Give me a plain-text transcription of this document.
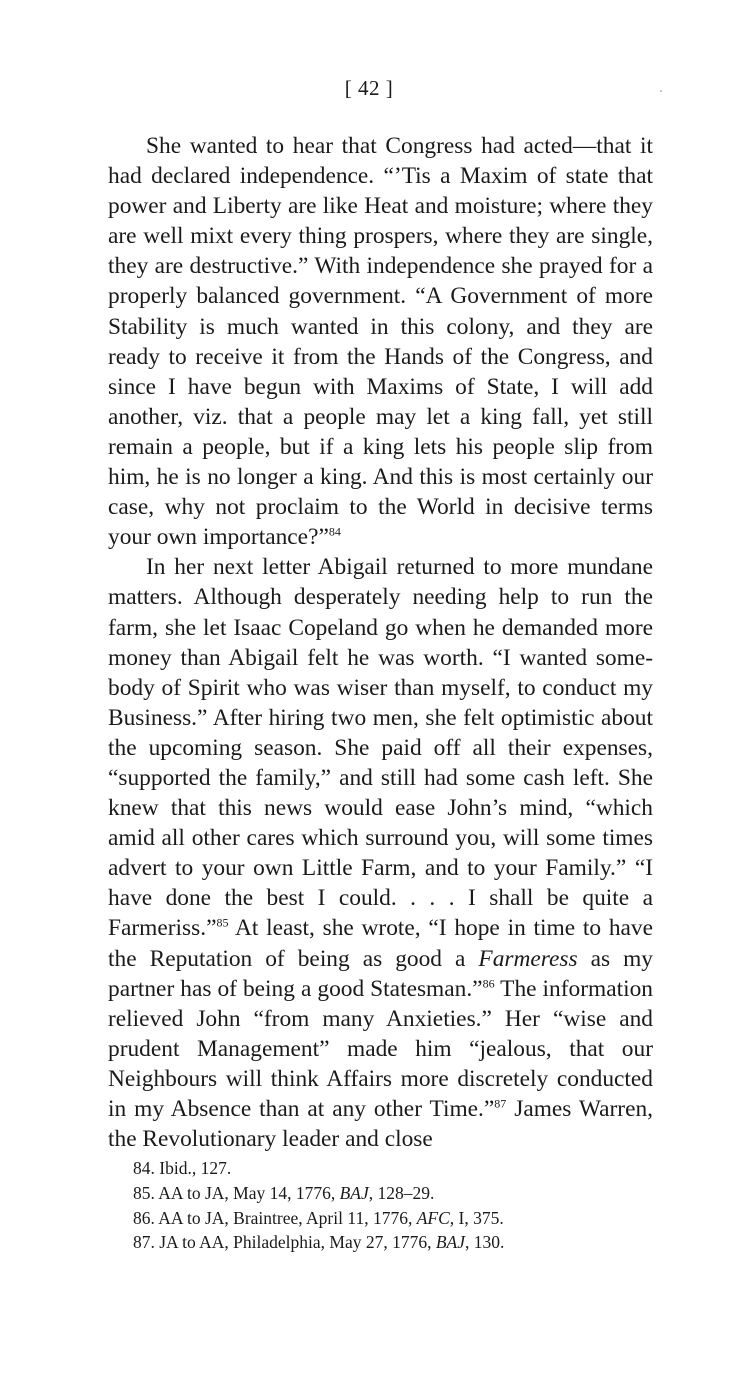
[ 42 ]

She wanted to hear that Congress had acted—that it had declared independence. “’Tis a Maxim of state that power and Liberty are like Heat and moisture; where they are well mixt every thing prospers, where they are single, they are destructive.” With independence she prayed for a properly balanced government. “A Government of more Stability is much wanted in this colony, and they are ready to receive it from the Hands of the Congress, and since I have begun with Maxims of State, I will add another, viz. that a people may let a king fall, yet still remain a people, but if a king lets his people slip from him, he is no longer a king. And this is most certainly our case, why not proclaim to the World in decisive terms your own importance?”$^{84}$

In her next letter Abigail returned to more mundane matters. Although desperately needing help to run the farm, she let Isaac Copeland go when he demanded more money than Abigail felt he was worth. “I wanted somebody of Spirit who was wiser than myself, to conduct my Business.” After hiring two men, she felt optimistic about the upcoming season. She paid off all their expenses, “supported the family,” and still had some cash left. She knew that this news would ease John’s mind, “which amid all other cares which surround you, will some times advert to your own Little Farm, and to your Family.” “I have done the best I could. . . . I shall be quite a Farmeriss.”$^{85}$ At least, she wrote, “I hope in time to have the Reputation of being as good a Farmeress as my partner has of being a good Statesman.”$^{86}$ The information relieved John “from many Anxieties.” Her “wise and prudent Management” made him “jealous, that our Neighbours will think Affairs more discretely conducted in my Absence than at any other Time.”$^{87}$ James Warren, the Revolutionary leader and close

84. Ibid., 127.

85. AA to JA, May 14, 1776, BAJ, 128–29.

86. AA to JA, Braintree, April 11, 1776, AFC, I, 375.

87. JA to AA, Philadelphia, May 27, 1776, BAJ, 130.
